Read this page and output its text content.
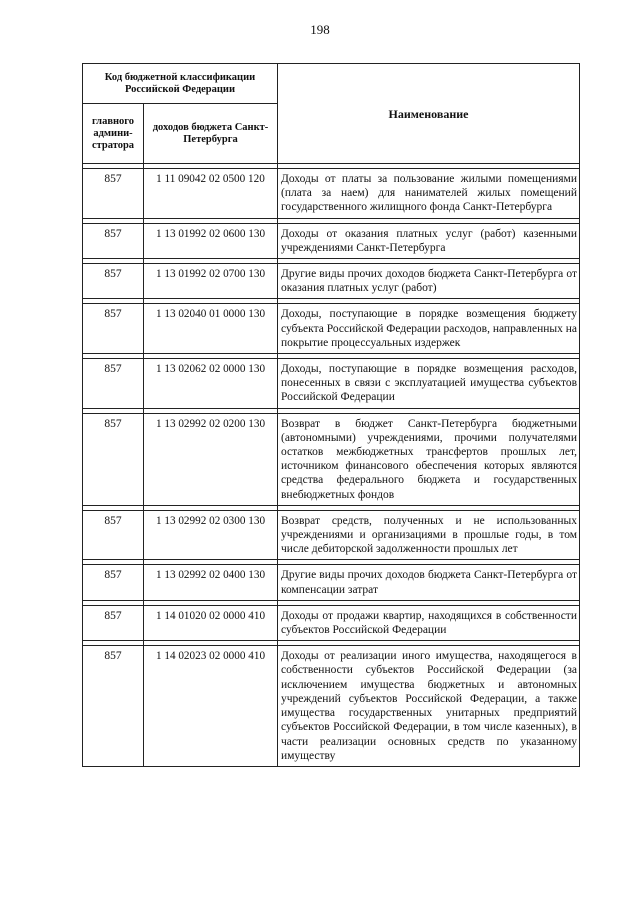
198
Код бюджетной классификации Российской Федерации		Наименование
главного админи-стратора	доходов бюджета Санкт-Петербурга	

857	1 11 09042 02 0500 120	Доходы от платы за пользование жилыми помещениями (плата за наем) для нанимателей жилых помещений государственного жилищного фонда Санкт-Петербурга

857	1 13 01992 02 0600 130	Доходы от оказания платных услуг (работ) казенными учреждениями Санкт-Петербурга

857	1 13 01992 02 0700 130	Другие виды прочих доходов бюджета Санкт-Петербурга от оказания платных услуг (работ)

857	1 13 02040 01 0000 130	Доходы, поступающие в порядке возмещения бюджету субъекта Российской Федерации расходов, направленных на покрытие процессуальных издержек

857	1 13 02062 02 0000 130	Доходы, поступающие в порядке возмещения расходов, понесенных в связи с эксплуатацией имущества субъектов Российской Федерации

857	1 13 02992 02 0200 130	Возврат в бюджет Санкт-Петербурга бюджетными (автономными) учреждениями, прочими получателями остатков межбюджетных трансфертов прошлых лет, источником финансового обеспечения которых являются средства федерального бюджета и государственных внебюджетных фондов

857	1 13 02992 02 0300 130	Возврат средств, полученных и не использованных учреждениями и организациями в прошлые годы, в том числе дебиторской задолженности прошлых лет

857	1 13 02992 02 0400 130	Другие виды прочих доходов бюджета Санкт-Петербурга от компенсации затрат

857	1 14 01020 02 0000 410	Доходы от продажи квартир, находящихся в собственности субъектов Российской Федерации

857	1 14 02023 02 0000 410	Доходы от реализации иного имущества, находящегося в собственности субъектов Российской Федерации (за исключением имущества бюджетных и автономных учреждений субъектов Российской Федерации, а также имущества государственных унитарных предприятий субъектов Российской Федерации, в том числе казенных), в части реализации основных средств по указанному имуществу
